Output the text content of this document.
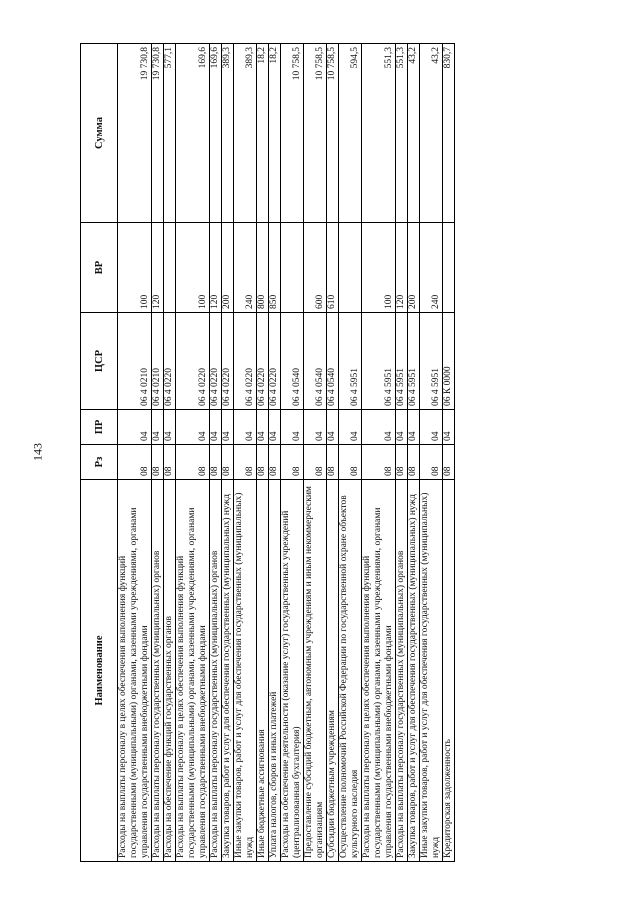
143
Наименование	Рз	ПР	ЦСР	ВР	Сумма
Расходы на выплаты персоналу в целях обеспечения выполнения функций государственными (муниципальными) органами, казенными учреждениями, органами управления государственными внебюджетными фондами	08	04	06 4 0210	100	19 730,8
Расходы на выплаты персоналу государственных (муниципальных) органов	08	04	06 4 0210	120	19 730,8
Расходы на обеспечение функций государственных органов	08	04	06 4 0220		577,1
Расходы на выплаты персоналу в целях обеспечения выполнения функций государственными (муниципальными) органами, казенными учреждениями, органами управления государственными внебюджетными фондами	08	04	06 4 0220	100	169,6
Расходы на выплаты персоналу государственных (муниципальных) органов	08	04	06 4 0220	120	169,6
Закупка товаров, работ и услуг для обеспечения государственных (муниципальных) нужд	08	04	06 4 0220	200	389,3
Иные закупки товаров, работ и услуг для обеспечения государственных (муниципальных) нужд	08	04	06 4 0220	240	389,3
Иные бюджетные ассигнования	08	04	06 4 0220	800	18,2
Уплата налогов, сборов и иных платежей	08	04	06 4 0220	850	18,2
Расходы на обеспечение деятельности (оказание услуг) государственных учреждений (централизованная бухгалтерия)	08	04	06 4 0540		10 758,5
Предоставление субсидий бюджетным, автономным учреждениям и иным некоммерческим организациям	08	04	06 4 0540	600	10 758,5
Субсидии бюджетным учреждениям	08	04	06 4 0540	610	10 758,5
Осуществление полномочий Российской Федерации по государственной охране объектов культурного наследия	08	04	06 4 5951		594,5
Расходы на выплаты персоналу в целях обеспечения выполнения функций государственными (муниципальными) органами, казенными учреждениями, органами управления государственными внебюджетными фондами	08	04	06 4 5951	100	551,3
Расходы на выплаты персоналу государственных (муниципальных) органов	08	04	06 4 5951	120	551,3
Закупка товаров, работ и услуг для обеспечения государственных (муниципальных) нужд	08	04	06 4 5951	200	43,2
Иные закупки товаров, работ и услуг для обеспечения государственных (муниципальных) нужд	08	04	06 4 5951	240	43,2
Кредиторская задолженность	08	04	06 К 0000		830,7
